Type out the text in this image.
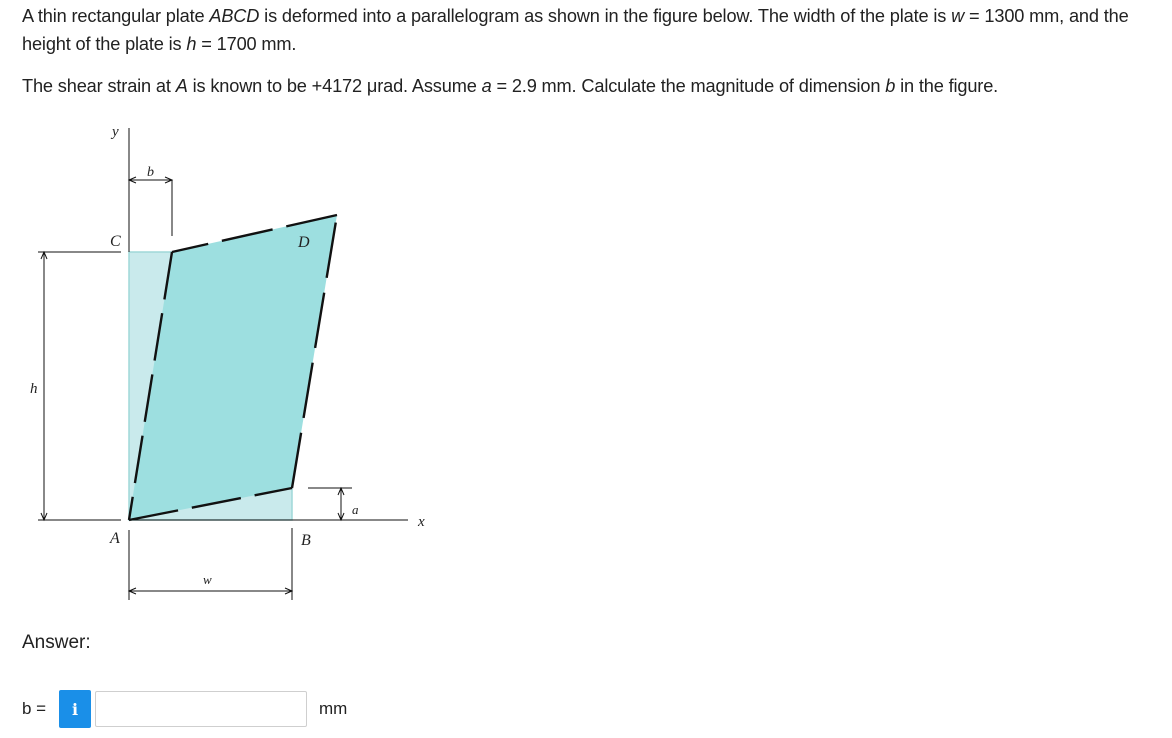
A thin rectangular plate ABCD is deformed into a parallelogram as shown in the figure below. The width of the plate is w = 1300 mm, and the height of the plate is h = 1700 mm.

The shear strain at A is known to be +4172 μrad. Assume a = 2.9 mm. Calculate the magnitude of dimension b in the figure.

y
b
C	D
A	B
h
x
a
w
Answer:
b =	i	mm
